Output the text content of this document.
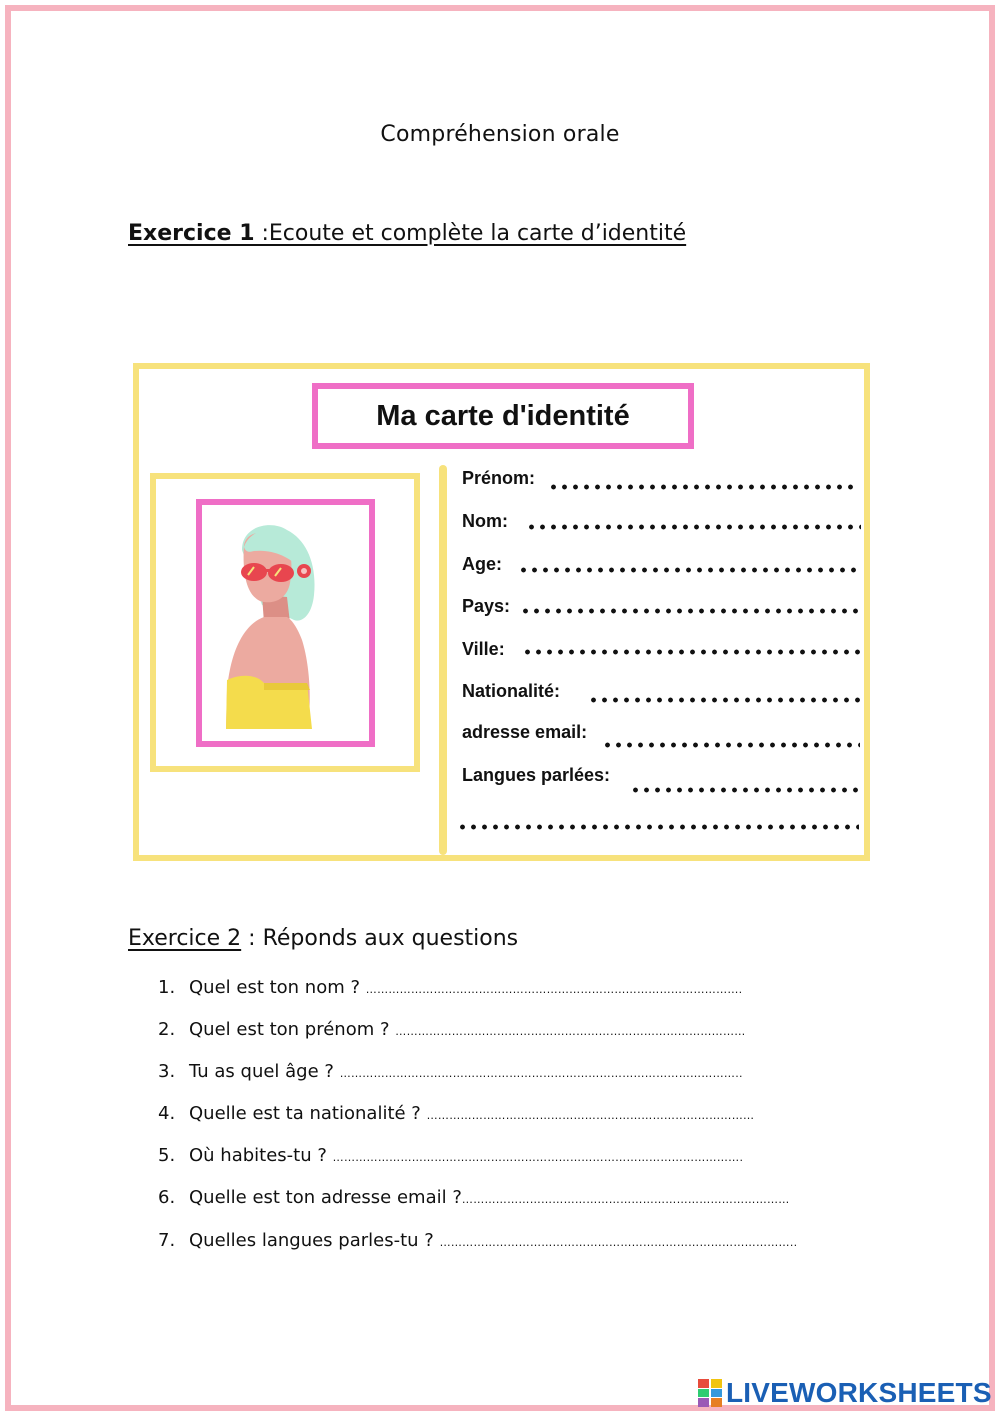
Compréhension orale
Exercice 1 :Ecoute et complète la carte d’identité
Ma carte d'identité
Prénom:
Nom:
Age:
Pays:
Ville:
Nationalité:
adresse email:
Langues parlées:
Exercice 2 : Réponds aux questions
1. Quel est ton nom ? ……………………………………………………………………………………….
2. Quel est ton prénom ? …………………………………………………………………………………
3. Tu as quel âge ? ……………………………………………………………………………………………..
4. Quelle est ta nationalité ? ……………………………………………………………………………
5. Où habites-tu ? ……………………………………………………………………………………………….
6. Quelle est ton adresse email ?……………………………………………………………………………
7. Quelles langues parles-tu ? …………………………………………………………………………………..
LIVEWORKSHEETS
